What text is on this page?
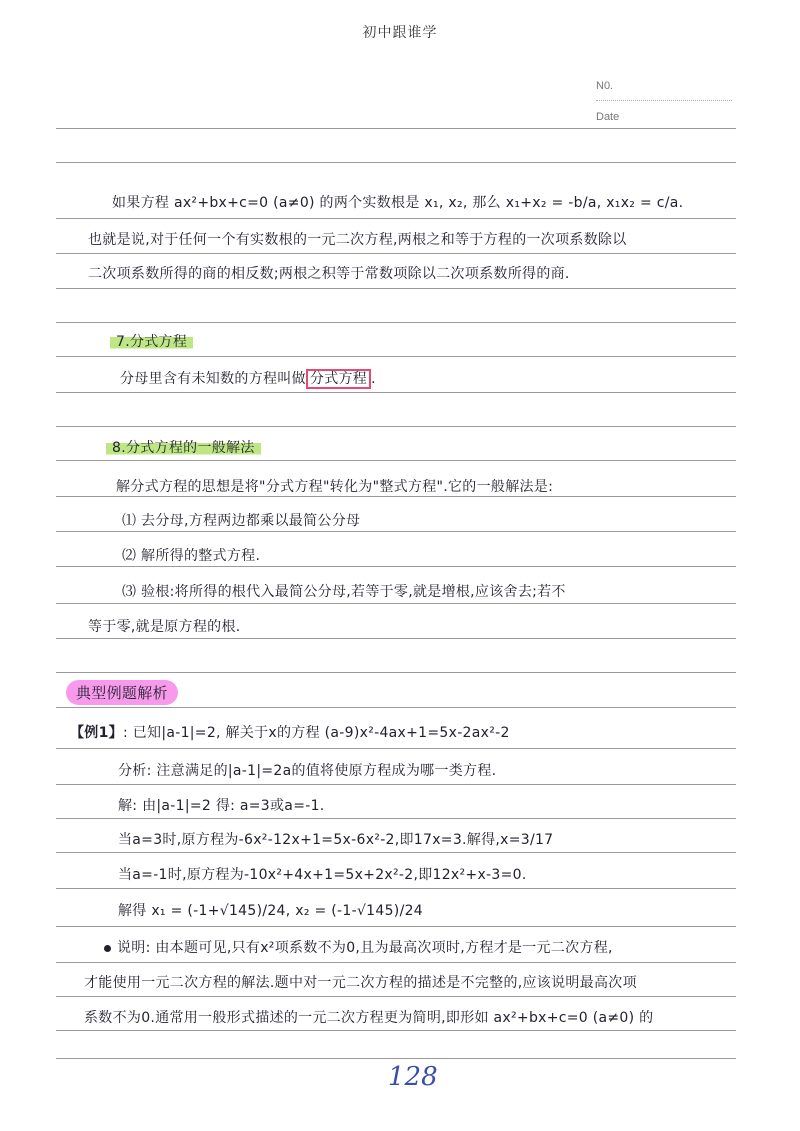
初中跟谁学
N0.
Date
如果方程 ax²+bx+c=0 (a≠0) 的两个实数根是 x₁, x₂, 那么 x₁+x₂ = -b/a, x₁x₂ = c/a.
也就是说,对于任何一个有实数根的一元二次方程,两根之和等于方程的一次项系数除以
二次项系数所得的商的相反数;两根之积等于常数项除以二次项系数所得的商.
7.分式方程
分母里含有未知数的方程叫做 分式方程 .
8.分式方程的一般解法
解分式方程的思想是将"分式方程"转化为"整式方程".它的一般解法是:
⑴ 去分母,方程两边都乘以最简公分母
⑵ 解所得的整式方程.
⑶ 验根:将所得的根代入最简公分母,若等于零,就是增根,应该舍去;若不
等于零,就是原方程的根.
典型例题解析
【例1】: 已知|a-1|=2, 解关于x的方程 (a-9)x²-4ax+1=5x-2ax²-2
分析: 注意满足的|a-1|=2a的值将使原方程成为哪一类方程.
解: 由|a-1|=2 得: a=3或a=-1.
当a=3时,原方程为-6x²-12x+1=5x-6x²-2,即17x=3.解得,x=3/17
当a=-1时,原方程为-10x²+4x+1=5x+2x²-2,即12x²+x-3=0.
解得 x₁ = (-1+√145)/24, x₂ = (-1-√145)/24
说明: 由本题可见,只有x²项系数不为0,且为最高次项时,方程才是一元二次方程,
才能使用一元二次方程的解法.题中对一元二次方程的描述是不完整的,应该说明最高次项
系数不为0.通常用一般形式描述的一元二次方程更为简明,即形如 ax²+bx+c=0 (a≠0) 的
128
